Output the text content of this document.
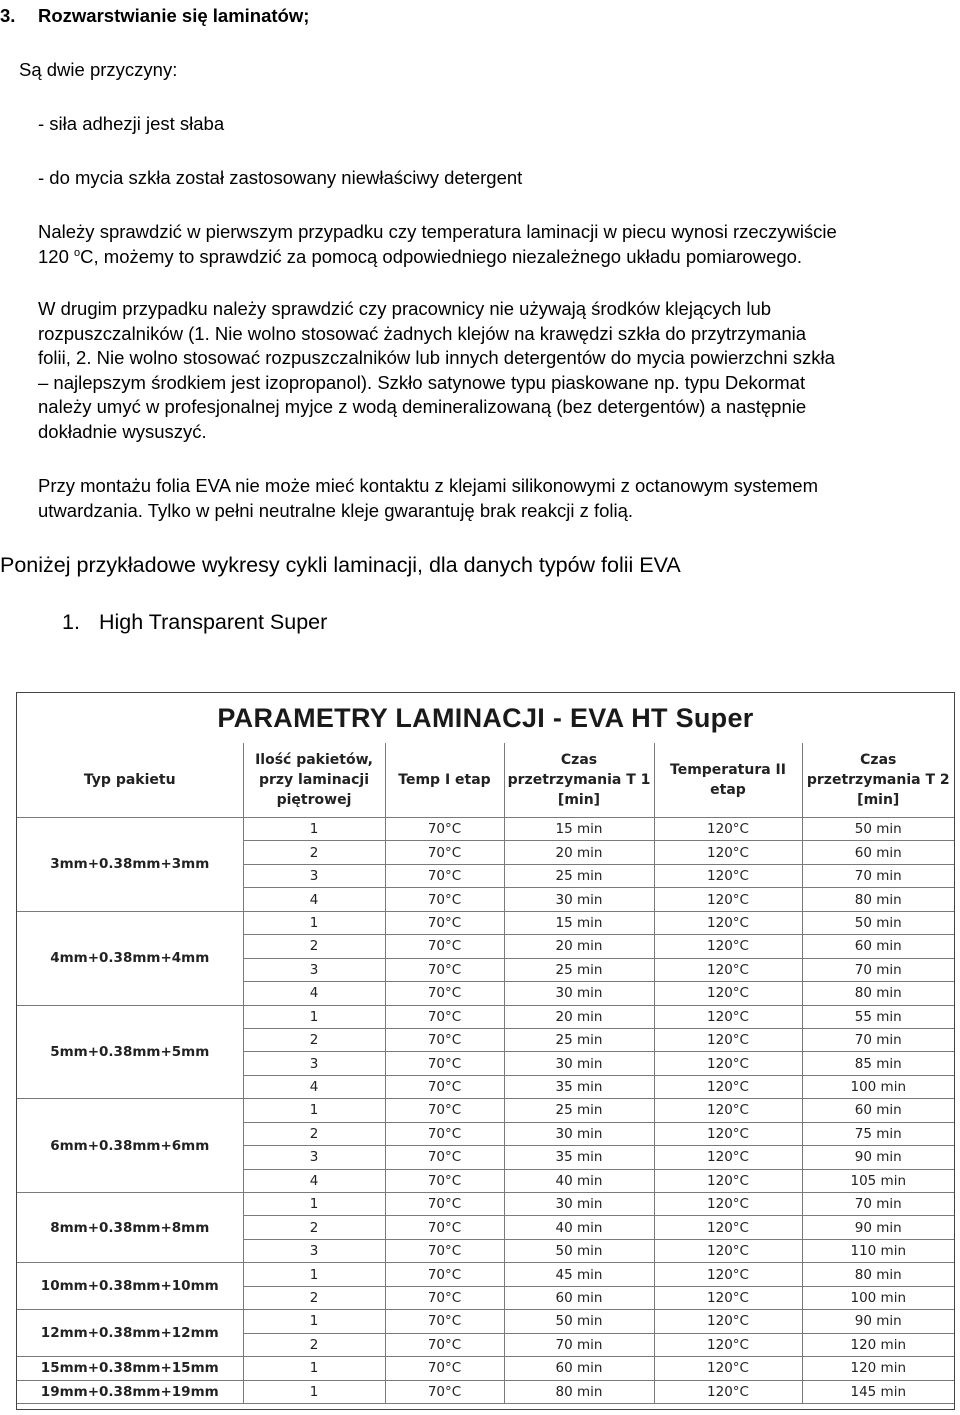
3. Rozwarstwianie się laminatów;
Są dwie przyczyny:
- siła adhezji jest słaba
- do mycia szkła został zastosowany niewłaściwy detergent
Należy sprawdzić w pierwszym przypadku czy temperatura laminacji w piecu wynosi rzeczywiście
120 $^o$C, możemy to sprawdzić za pomocą odpowiedniego niezależnego układu pomiarowego.
W drugim przypadku należy sprawdzić czy pracownicy nie używają środków klejących lub
rozpuszczalników (1. Nie wolno stosować żadnych klejów na krawędzi szkła do przytrzymania
folii, 2. Nie wolno stosować rozpuszczalników lub innych detergentów do mycia powierzchni szkła
– najlepszym środkiem jest izopropanol). Szkło satynowe typu piaskowane np. typu Dekormat
należy umyć w profesjonalnej myjce z wodą demineralizowaną (bez detergentów) a następnie
dokładnie wysuszyć.
Przy montażu folia EVA nie może mieć kontaktu z klejami silikonowymi z octanowym systemem
utwardzania. Tylko w pełni neutralne kleje gwarantuję brak reakcji z folią.
Poniżej przykładowe wykresy cykli laminacji, dla danych typów folii EVA
1. High Transparent Super
PARAMETRY LAMINACJI - EVA HT Super
Typ pakietu	Ilość pakietów, przy laminacji piętrowej	Temp I etap	Czas przetrzymania T 1 [min]	Temperatura II etap	Czas przetrzymania T 2 [min]
3mm+0.38mm+3mm	1	70°C	15 min	120°C	50 min
	2	70°C	20 min	120°C	60 min
	3	70°C	25 min	120°C	70 min
	4	70°C	30 min	120°C	80 min
4mm+0.38mm+4mm	1	70°C	15 min	120°C	50 min
	2	70°C	20 min	120°C	60 min
	3	70°C	25 min	120°C	70 min
	4	70°C	30 min	120°C	80 min
5mm+0.38mm+5mm	1	70°C	20 min	120°C	55 min
	2	70°C	25 min	120°C	70 min
	3	70°C	30 min	120°C	85 min
	4	70°C	35 min	120°C	100 min
6mm+0.38mm+6mm	1	70°C	25 min	120°C	60 min
	2	70°C	30 min	120°C	75 min
	3	70°C	35 min	120°C	90 min
	4	70°C	40 min	120°C	105 min
8mm+0.38mm+8mm	1	70°C	30 min	120°C	70 min
	2	70°C	40 min	120°C	90 min
	3	70°C	50 min	120°C	110 min
10mm+0.38mm+10mm	1	70°C	45 min	120°C	80 min
	2	70°C	60 min	120°C	100 min
12mm+0.38mm+12mm	1	70°C	50 min	120°C	90 min
	2	70°C	70 min	120°C	120 min
15mm+0.38mm+15mm	1	70°C	60 min	120°C	120 min
19mm+0.38mm+19mm	1	70°C	80 min	120°C	145 min
